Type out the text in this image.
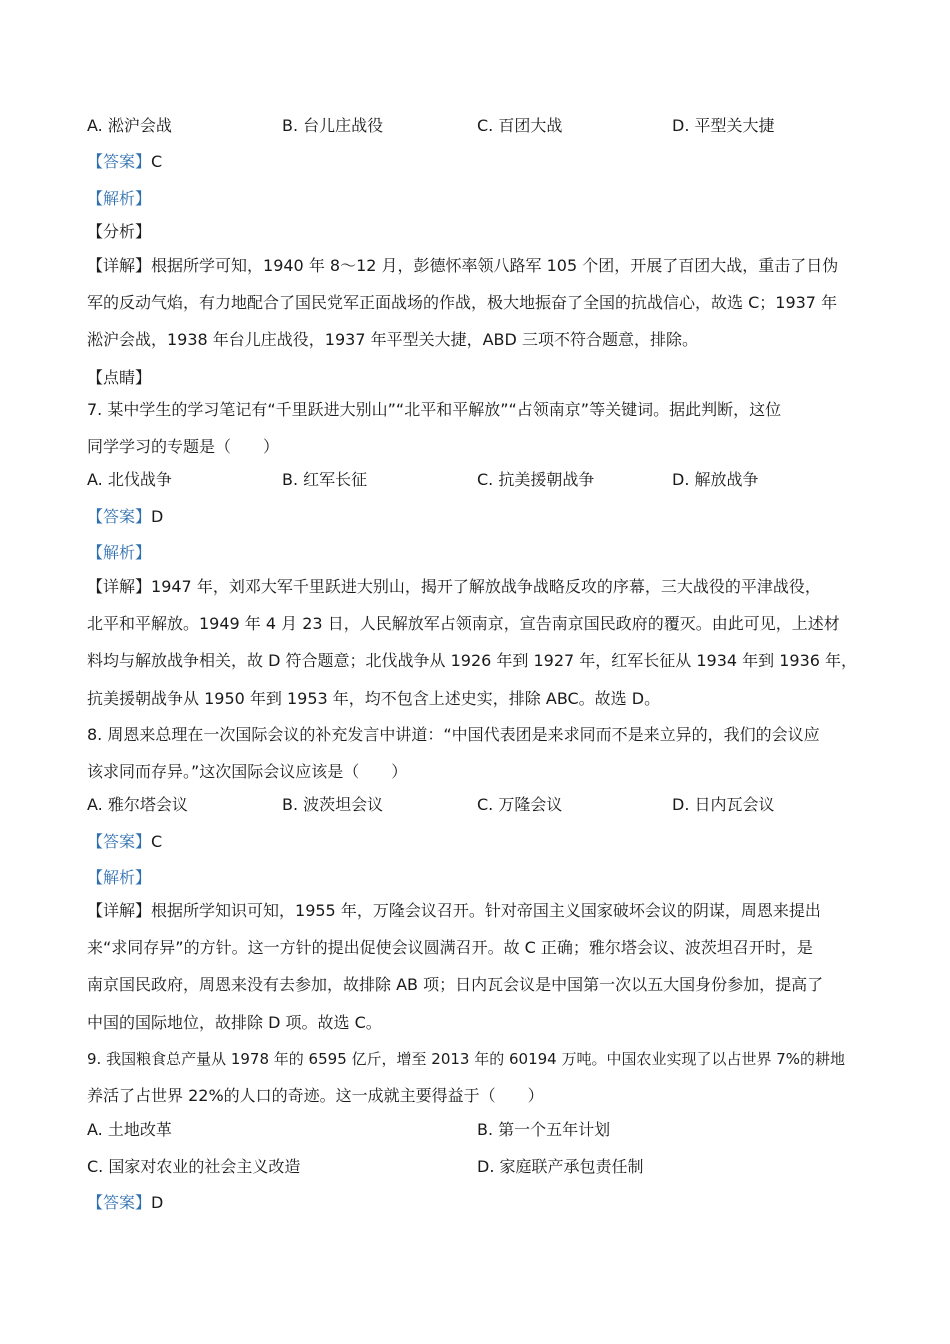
A. 淞沪会战	B. 台儿庄战役	C. 百团大战	D. 平型关大捷
【答案】C
【解析】
【分析】
【详解】根据所学可知，1940 年 8～12 月，彭德怀率领八路军 105 个团，开展了百团大战，重击了日伪
军的反动气焰，有力地配合了国民党军正面战场的作战，极大地振奋了全国的抗战信心，故选 C；1937 年
淞沪会战，1938 年台儿庄战役，1937 年平型关大捷，ABD 三项不符合题意，排除。
【点睛】
7. 某中学生的学习笔记有“千里跃进大别山”“北平和平解放”“占领南京”等关键词。据此判断，这位
同学学习的专题是（　　）
A. 北伐战争	B. 红军长征	C. 抗美援朝战争	D. 解放战争
【答案】D
【解析】
【详解】1947 年，刘邓大军千里跃进大别山，揭开了解放战争战略反攻的序幕，三大战役的平津战役，
北平和平解放。1949 年 4 月 23 日，人民解放军占领南京，宣告南京国民政府的覆灭。由此可见，上述材
料均与解放战争相关，故 D 符合题意；北伐战争从 1926 年到 1927 年，红军长征从 1934 年到 1936 年，
抗美援朝战争从 1950 年到 1953 年，均不包含上述史实，排除 ABC。故选 D。
8. 周恩来总理在一次国际会议的补充发言中讲道：“中国代表团是来求同而不是来立异的，我们的会议应
该求同而存异。”这次国际会议应该是（　　）
A. 雅尔塔会议	B. 波茨坦会议	C. 万隆会议	D. 日内瓦会议
【答案】C
【解析】
【详解】根据所学知识可知，1955 年，万隆会议召开。针对帝国主义国家破坏会议的阴谋，周恩来提出
来“求同存异”的方针。这一方针的提出促使会议圆满召开。故 C 正确；雅尔塔会议、波茨坦召开时，是
南京国民政府，周恩来没有去参加，故排除 AB 项；日内瓦会议是中国第一次以五大国身份参加，提高了
中国的国际地位，故排除 D 项。故选 C。
9. 我国粮食总产量从 1978 年的 6595 亿斤，增至 2013 年的 60194 万吨。中国农业实现了以占世界 7%的耕地
养活了占世界 22%的人口的奇迹。这一成就主要得益于（　　）
A. 土地改革	B. 第一个五年计划
C. 国家对农业的社会主义改造	D. 家庭联产承包责任制
【答案】D
